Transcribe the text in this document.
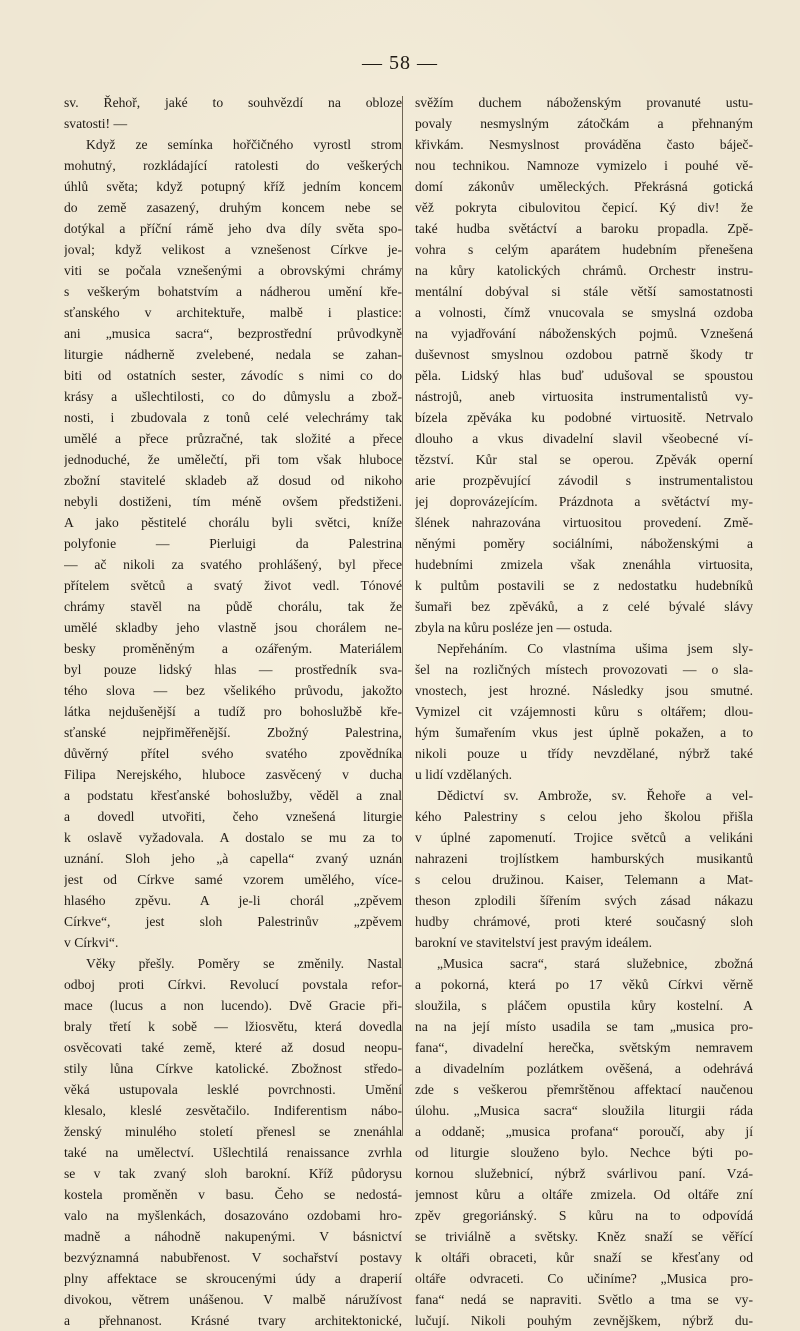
— 58 —
sv. Řehoř, jaké to souhvězdí na obloze
svatosti! —
Když ze semínka hořčičného vyrostl strom
mohutný, rozkládající ratolesti do veškerých
úhlů světa; když potupný kříž jedním koncem
do země zasazený, druhým koncem nebe se
dotýkal a příční rámě jeho dva díly světa spo-
joval; když velikost a vznešenost Církve je-
viti se počala vznešenými a obrovskými chrámy
s veškerým bohatstvím a nádherou umění kře-
sťanského v architektuře, malbě i plastice:
ani „musica sacra“, bezprostřední průvodkyně
liturgie nádherně zvelebené, nedala se zahan-
biti od ostatních sester, závodíc s nimi co do
krásy a ušlechtilosti, co do důmyslu a zbož-
nosti, i zbudovala z tonů celé velechrámy tak
umělé a přece průzračné, tak složité a přece
jednoduché, že umělečtí, při tom však hluboce
zbožní stavitelé skladeb až dosud od nikoho
nebyli dostiženi, tím méně ovšem předstiženi.
A jako pěstitelé chorálu byli světci, kníže
polyfonie — Pierluigi da Palestrina
— ač nikoli za svatého prohlášený, byl přece
přítelem světců a svatý život vedl. Tónové
chrámy stavěl na půdě chorálu, tak že
umělé skladby jeho vlastně jsou chorálem ne-
besky proměněným a ozářeným. Materiálem
byl pouze lidský hlas — prostředník sva-
tého slova — bez všelikého průvodu, jakožto
látka nejdušenější a tudíž pro bohoslužbě kře-
sťanské nejpřiměřenější. Zbožný Palestrina,
důvěrný přítel svého svatého zpovědníka
Filipa Nerejského, hluboce zasvěcený v ducha
a podstatu křesťanské bohoslužby, věděl a znal
a dovedl utvořiti, čeho vznešená liturgie
k oslavě vyžadovala. A dostalo se mu za to
uznání. Sloh jeho „à capella“ zvaný uznán
jest od Církve samé vzorem umělého, více-
hlasého zpěvu. A je-li chorál „zpěvem
Církve“, jest sloh Palestrinův „zpěvem
v Církvi“.
Věky přešly. Poměry se změnily. Nastal
odboj proti Církvi. Revolucí povstala refor-
mace (lucus a non lucendo). Dvě Gracie při-
braly třetí k sobě — lžiosvětu, která dovedla
osvěcovati také země, které až dosud neopu-
stily lůna Církve katolické. Zbožnost středo-
věká ustupovala lesklé povrchnosti. Umění
klesalo, kleslé zesvětačilo. Indiferentism nábo-
ženský minulého století přenesl se znenáhla
také na umělectví. Ušlechtilá renaissance zvrhla
se v tak zvaný sloh barokní. Kříž půdorysu
kostela proměněn v basu. Čeho se nedostá-
valo na myšlenkách, dosazováno ozdobami hro-
madně a náhodně nakupenými. V básnictví
bezvýznamná nabubřenost. V sochařství postavy
plny affektace se skroucenými údy a draperií
divokou, větrem unášenou. V malbě náružívost
a přehnanost. Krásné tvary architektonické,
svěžím duchem náboženským provanuté ustu-
povaly nesmyslným zátočkám a přehnaným
křivkám. Nesmyslnost prováděna často báječ-
nou technikou. Namnoze vymizelo i pouhé vě-
domí zákonův uměleckých. Překrásná gotická
věž pokryta cibulovitou čepicí. Ký div! že
také hudba světáctví a baroku propadla. Zpě-
vohra s celým aparátem hudebním přenešena
na kůry katolických chrámů. Orchestr instru-
mentální dobýval si stále větší samostatnosti
a volnosti, čímž vnucovala se smyslná ozdoba
na vyjadřování náboženských pojmů. Vznešená
duševnost smyslnou ozdobou patrně škody tr
pěla. Lidský hlas buď udušoval se spoustou
nástrojů, aneb virtuosita instrumentalistů vy-
bízela zpěváka ku podobné virtuositě. Netrvalo
dlouho a vkus divadelní slavil všeobecné ví-
tězství. Kůr stal se operou. Zpěvák operní
arie prozpěvující závodil s instrumentalistou
jej doprovázejícím. Prázdnota a světáctví my-
šlének nahrazována virtuositou provedení. Změ-
něnými poměry sociálními, náboženskými a
hudebními zmizela však znenáhla virtuosita,
k pultům postavili se z nedostatku hudebníků
šumaři bez zpěváků, a z celé bývalé slávy
zbyla na kůru posléze jen — ostuda.
Nepřeháním. Co vlastníma ušima jsem sly-
šel na rozličných místech provozovati — o sla-
vnostech, jest hrozné. Následky jsou smutné.
Vymizel cit vzájemnosti kůru s oltářem; dlou-
hým šumařením vkus jest úplně pokažen, a to
nikoli pouze u třídy nevzdělané, nýbrž také
u lidí vzdělaných.
Dědictví sv. Ambrože, sv. Řehoře a vel-
kého Palestriny s celou jeho školou přišla
v úplné zapomenutí. Trojice světců a velikáni
nahrazeni trojlístkem hamburských musikantů
s celou družinou. Kaiser, Telemann a Mat-
theson zplodili šířením svých zásad nákazu
hudby chrámové, proti které současný sloh
barokní ve stavitelství jest pravým ideálem.
„Musica sacra“, stará služebnice, zbožná
a pokorná, která po 17 věků Církvi věrně
sloužila, s pláčem opustila kůry kostelní. A
na na její místo usadila se tam „musica pro-
fana“, divadelní herečka, světským nemravem
a divadelním pozlátkem ověšená, a odehrává
zde s veškerou přemrštěnou affektací naučenou
úlohu. „Musica sacra“ sloužila liturgii ráda
a oddaně; „musica profana“ poroučí, aby jí
od liturgie slouženo bylo. Nechce býti po-
kornou služebnicí, nýbrž svárlivou paní. Vzá-
jemnost kůru a oltáře zmizela. Od oltáře zní
zpěv gregoriánský. S kůru na to odpovídá
se triviálně a světsky. Kněz snaží se věřící
k oltáři obraceti, kůr snaží se křesťany od
oltáře odvraceti. Co učiníme? „Musica pro-
fana“ nedá se napraviti. Světlo a tma se vy-
lučují. Nikoli pouhým zevnějškem, nýbrž du-
